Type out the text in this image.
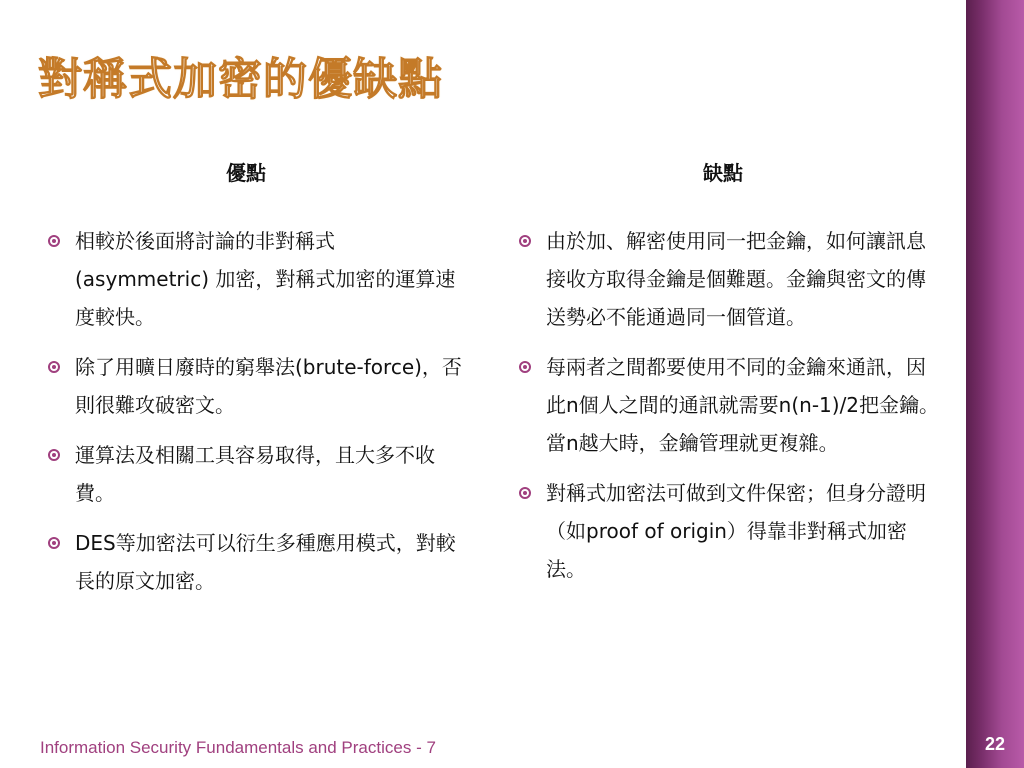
22
對稱式加密的優缺點
優點	缺點
相較於後面將討論的非對稱式(asymmetric) 加密，對稱式加密的運算速度較快。
除了用曠日廢時的窮舉法(brute-force)，否則很難攻破密文。
運算法及相關工具容易取得，且大多不收費。
DES等加密法可以衍生多種應用模式，對較長的原文加密。
由於加、解密使用同一把金鑰，如何讓訊息接收方取得金鑰是個難題。金鑰與密文的傳送勢必不能通過同一個管道。
每兩者之間都要使用不同的金鑰來通訊，因此n個人之間的通訊就需要n(n-1)/2把金鑰。當n越大時，金鑰管理就更複雜。
對稱式加密法可做到文件保密；但身分證明（如proof of origin）得靠非對稱式加密法。

Information Security Fundamentals and Practices - 7
